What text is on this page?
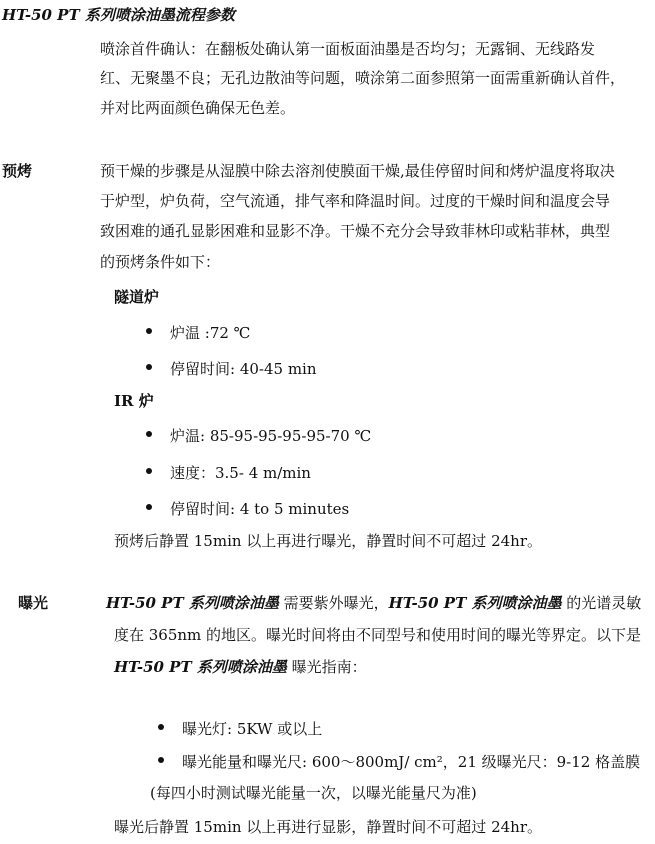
HT-50 PT 系列喷涂油墨流程参数
喷涂首件确认：在翻板处确认第一面板面油墨是否均匀；无露铜、无线路发
红、无聚墨不良；无孔边散油等问题，喷涂第二面参照第一面需重新确认首件，
并对比两面颜色确保无色差。
预烤	预干燥的步骤是从湿膜中除去溶剂使膜面干燥,最佳停留时间和烤炉温度将取决
于炉型，炉负荷，空气流通，排气率和降温时间。过度的干燥时间和温度会导
致困难的通孔显影困难和显影不净。干燥不充分会导致菲林印或粘菲林，典型
的预烤条件如下：
隧道炉
炉温 :72 ℃
停留时间: 40-45 min
IR 炉
炉温: 85-95-95-95-95-70 ℃
速度：3.5- 4 m/min
停留时间: 4 to 5 minutes
预烤后静置 15min 以上再进行曝光，静置时间不可超过 24hr。
曝光	HT-50 PT 系列喷涂油墨 需要紫外曝光，HT-50 PT 系列喷涂油墨 的光谱灵敏
度在 365nm 的地区。曝光时间将由不同型号和使用时间的曝光等界定。以下是
HT-50 PT 系列喷涂油墨 曝光指南：
曝光灯: 5KW 或以上
曝光能量和曝光尺: 600～800mJ/ cm²，21 级曝光尺：9-12 格盖膜
(每四小时测试曝光能量一次，以曝光能量尺为准)
曝光后静置 15min 以上再进行显影，静置时间不可超过 24hr。
